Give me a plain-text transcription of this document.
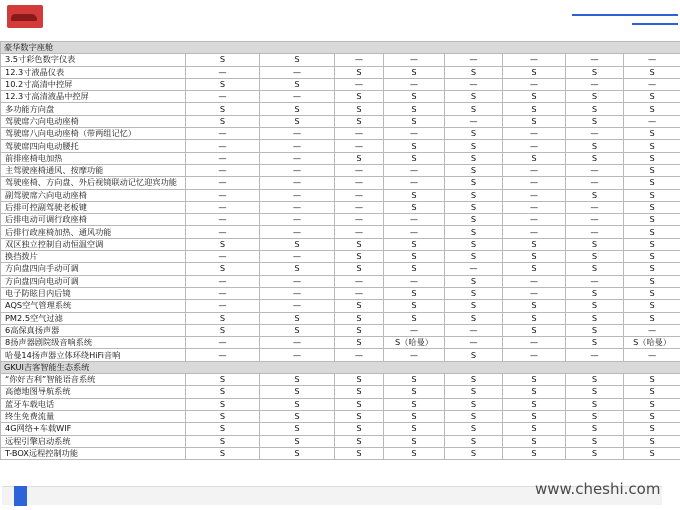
豪华数字座舱								
3.5寸彩色数字仪表	S	S	—	—	—	—	—	—
12.3寸液晶仪表	—	—	S	S	S	S	S	S
10.2寸高清中控屏	S	S	—	—	—	—	—	—
12.3寸高清液晶中控屏	—	—	S	S	S	S	S	S
多功能方向盘	S	S	S	S	S	S	S	S
驾驶席六向电动座椅	S	S	S	S	—	S	S	—
驾驶席八向电动座椅（带两组记忆）	—	—	—	—	S	—	—	S
驾驶席四向电动腰托	—	—	—	S	S	—	S	S
前排座椅电加热	—	—	S	S	S	S	S	S
主驾驶座椅通风、按摩功能	—	—	—	—	S	—	—	S
驾驶座椅、方向盘、外后视镜联动记忆迎宾功能	—	—	—	—	S	—	—	S
副驾驶席六向电动座椅	—	—	—	S	S	—	S	S
后排可控副驾驶老板键	—	—	—	S	S	—	—	S
后排电动可调行政座椅	—	—	—	—	S	—	—	S
后排行政座椅加热、通风功能	—	—	—	—	S	—	—	S
双区独立控制自动恒温空调	S	S	S	S	S	S	S	S
换挡拨片	—	—	S	S	S	S	S	S
方向盘四向手动可调	S	S	S	S	—	S	S	S
方向盘四向电动可调	—	—	—	—	S	—	—	S
电子防眩目内后镜	—	—	—	S	S	—	S	S
AQS空气管理系统	—	—	S	S	S	S	S	S
PM2.5空气过滤	S	S	S	S	S	S	S	S
6高保真扬声器	S	S	S	—	—	S	S	—
8扬声器剧院级音响系统	—	—	S	S（哈曼）	—	—	S	S（哈曼）
哈曼14扬声器立体环绕HiFi音响	—	—	—	—	S	—	—	—
GKUI吉客智能生态系统								
“你好吉利”智能语音系统	S	S	S	S	S	S	S	S
高德地图导航系统	S	S	S	S	S	S	S	S
蓝牙车载电话	S	S	S	S	S	S	S	S
终生免费流量	S	S	S	S	S	S	S	S
4G网络+车载WIF	S	S	S	S	S	S	S	S
远程引擎启动系统	S	S	S	S	S	S	S	S
T-BOX远程控制功能	S	S	S	S	S	S	S	S
www.cheshi.com
